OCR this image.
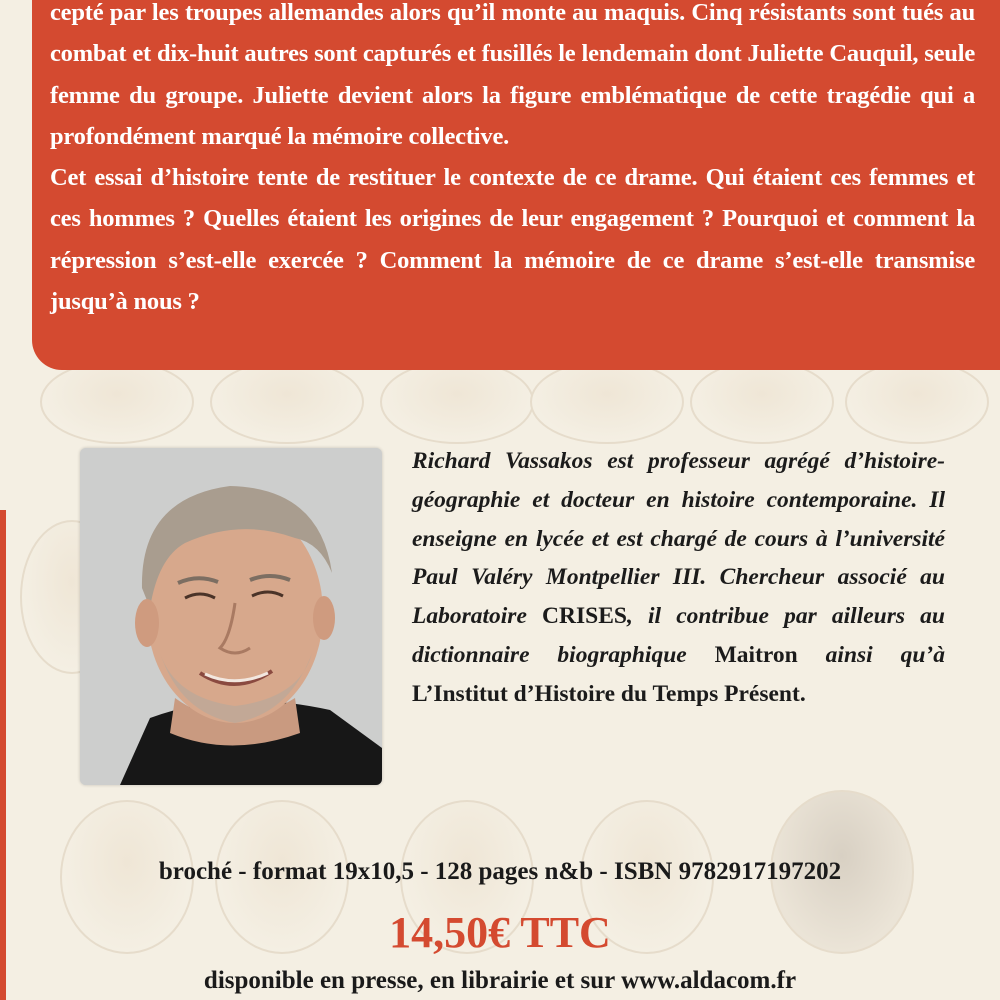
cepté par les troupes allemandes alors qu’il monte au maquis. Cinq résistants sont tués au combat et dix-huit autres sont capturés et fusillés le lendemain dont Juliette Cauquil, seule femme du groupe. Juliette devient alors la figure emblématique de cette tragédie qui a profondément marqué la mémoire collective.

Cet essai d’histoire tente de restituer le contexte de ce drame. Qui étaient ces femmes et ces hommes ? Quelles étaient les origines de leur engagement ? Pourquoi et comment la répression s’est-elle exercée ? Comment la mémoire de ce drame s’est-elle transmise jusqu’à nous ?

Richard Vassakos est professeur agrégé d’histoire-géographie et docteur en histoire contemporaine. Il enseigne en lycée et est chargé de cours à l’université Paul Valéry Montpellier III. Chercheur associé au Laboratoire CRISES, il contribue par ailleurs au dictionnaire biographique Maitron ainsi qu’à L’Institut d’Histoire du Temps Présent.
broché - format 19x10,5 - 128 pages n&b - ISBN 9782917197202
14,50€ TTC
disponible en presse, en librairie et sur www.aldacom.fr
